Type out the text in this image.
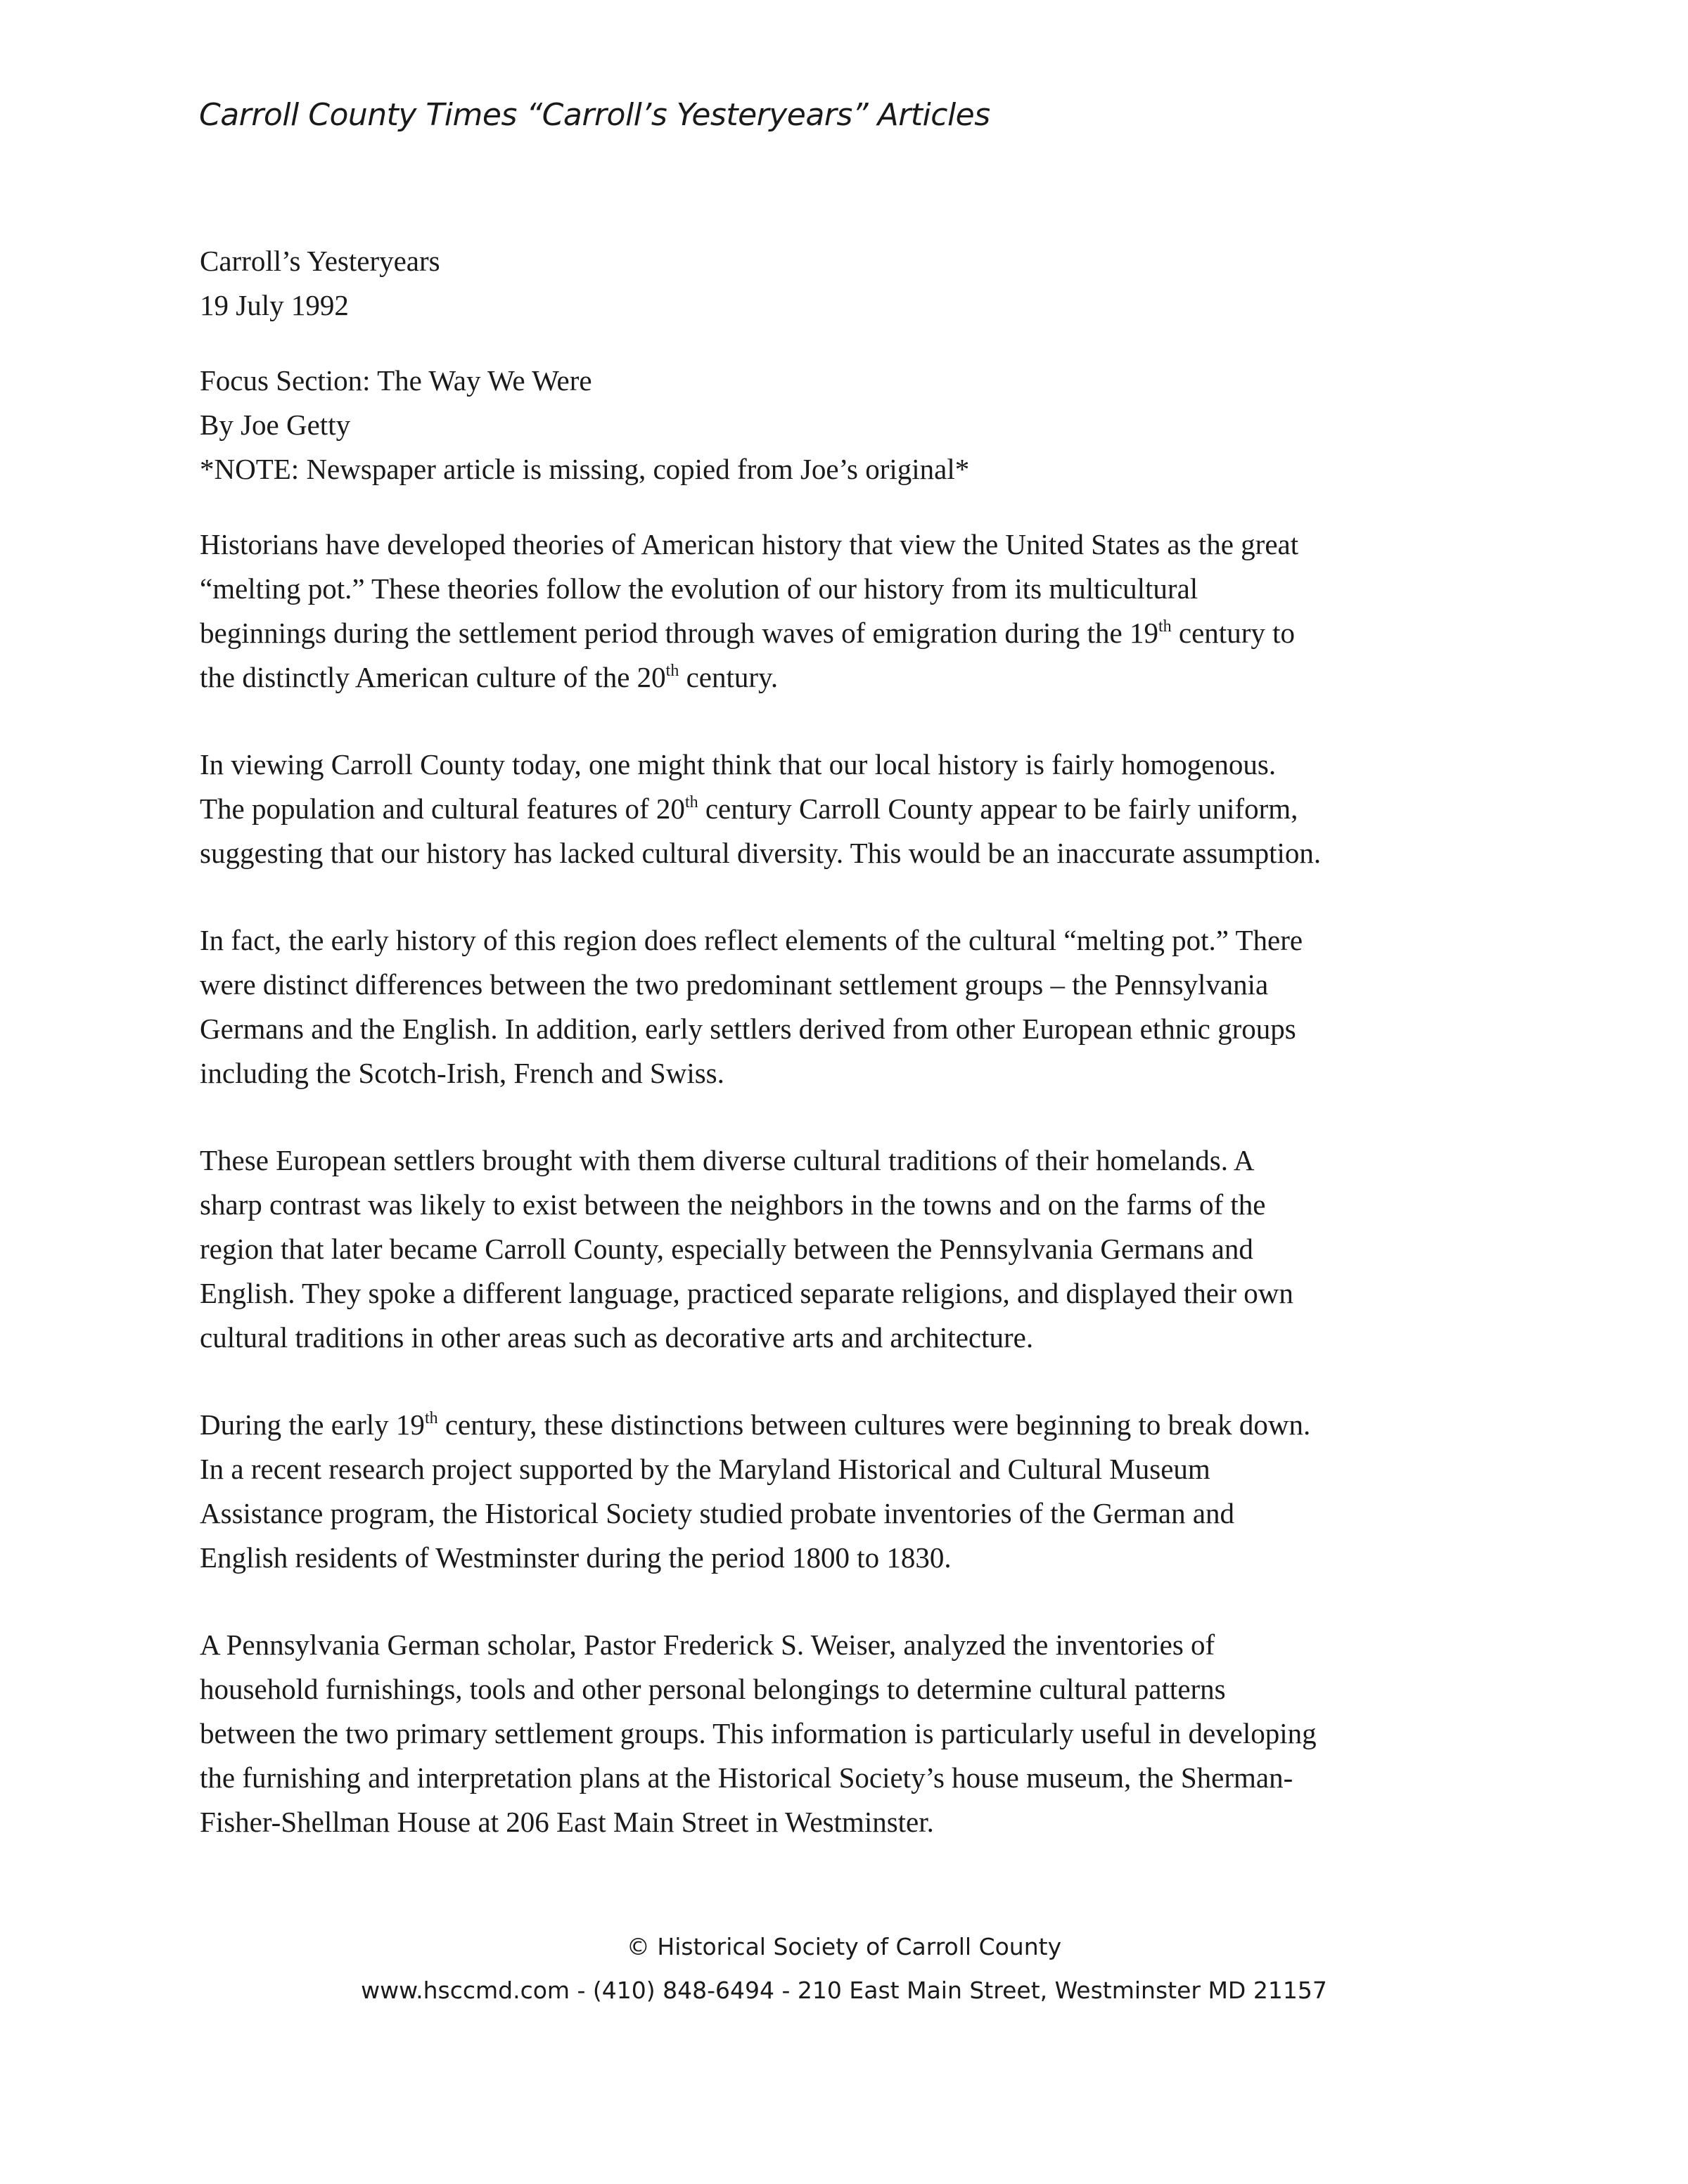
Carroll County Times “Carroll’s Yesteryears” Articles
Carroll’s Yesteryears
19 July 1992
Focus Section: The Way We Were
By Joe Getty
*NOTE: Newspaper article is missing, copied from Joe’s original*
Historians have developed theories of American history that view the United States as the great
“melting pot.” These theories follow the evolution of our history from its multicultural
beginnings during the settlement period through waves of emigration during the 19th century to
the distinctly American culture of the 20th century.
In viewing Carroll County today, one might think that our local history is fairly homogenous.
The population and cultural features of 20th century Carroll County appear to be fairly uniform,
suggesting that our history has lacked cultural diversity. This would be an inaccurate assumption.
In fact, the early history of this region does reflect elements of the cultural “melting pot.” There
were distinct differences between the two predominant settlement groups – the Pennsylvania
Germans and the English. In addition, early settlers derived from other European ethnic groups
including the Scotch-Irish, French and Swiss.
These European settlers brought with them diverse cultural traditions of their homelands. A
sharp contrast was likely to exist between the neighbors in the towns and on the farms of the
region that later became Carroll County, especially between the Pennsylvania Germans and
English. They spoke a different language, practiced separate religions, and displayed their own
cultural traditions in other areas such as decorative arts and architecture.
During the early 19th century, these distinctions between cultures were beginning to break down.
In a recent research project supported by the Maryland Historical and Cultural Museum
Assistance program, the Historical Society studied probate inventories of the German and
English residents of Westminster during the period 1800 to 1830.
A Pennsylvania German scholar, Pastor Frederick S. Weiser, analyzed the inventories of
household furnishings, tools and other personal belongings to determine cultural patterns
between the two primary settlement groups. This information is particularly useful in developing
the furnishing and interpretation plans at the Historical Society’s house museum, the Sherman-
Fisher-Shellman House at 206 East Main Street in Westminster.
© Historical Society of Carroll County
www.hsccmd.com - (410) 848-6494 - 210 East Main Street, Westminster MD 21157
